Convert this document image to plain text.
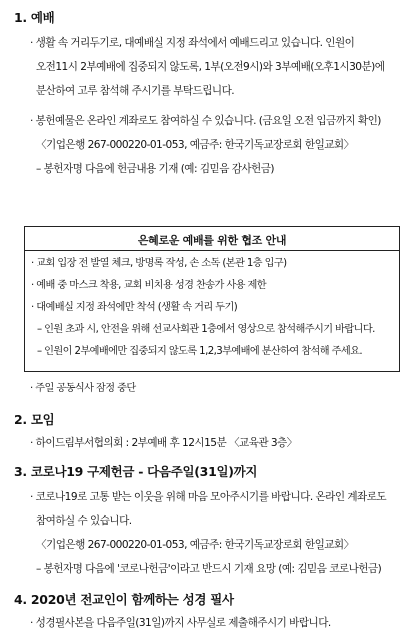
1. 예배
· 생활 속 거리두기로, 대예배실 지정 좌석에서 예배드리고 있습니다. 인원이
오전11시 2부예배에 집중되지 않도록, 1부(오전9시)와 3부예배(오후1시30분)에
분산하여 고루 참석해 주시기를 부탁드립니다.
· 봉헌예물은 온라인 계좌로도 참여하실 수 있습니다. (금요일 오전 입금까지 확인)
〈기업은행 267-000220-01-053, 예금주: 한국기독교장로회 한일교회〉
– 봉헌자명 다음에 헌금내용 기재 (예: 김믿음 감사헌금)
은혜로운 예배를 위한 협조 안내
· 교회 입장 전 발열 체크, 방명록 작성, 손 소독 (본관 1층 입구)
· 예배 중 마스크 착용, 교회 비치용 성경 찬송가 사용 제한
· 대예배실 지정 좌석에만 착석 (생활 속 거리 두기)
– 인원 초과 시, 안전을 위해 선교사회관 1층에서 영상으로 참석해주시기 바랍니다.
– 인원이 2부예배에만 집중되지 않도록 1,2,3부예배에 분산하여 참석해 주세요.
· 주일 공동식사 잠정 중단
2. 모임
· 하이드림부서협의회 : 2부예배 후 12시15분 〈교육관 3층〉
3. 코로나19 구제헌금 - 다음주일(31일)까지
· 코로나19로 고통 받는 이웃을 위해 마음 모아주시기를 바랍니다. 온라인 계좌로도
참여하실 수 있습니다.
〈기업은행 267-000220-01-053, 예금주: 한국기독교장로회 한일교회〉
– 봉헌자명 다음에 '코로나헌금'이라고 반드시 기재 요망 (예: 김믿음 코로나헌금)
4. 2020년 전교인이 함께하는 성경 필사
· 성경필사본을 다음주일(31일)까지 사무실로 제출해주시기 바랍니다.
